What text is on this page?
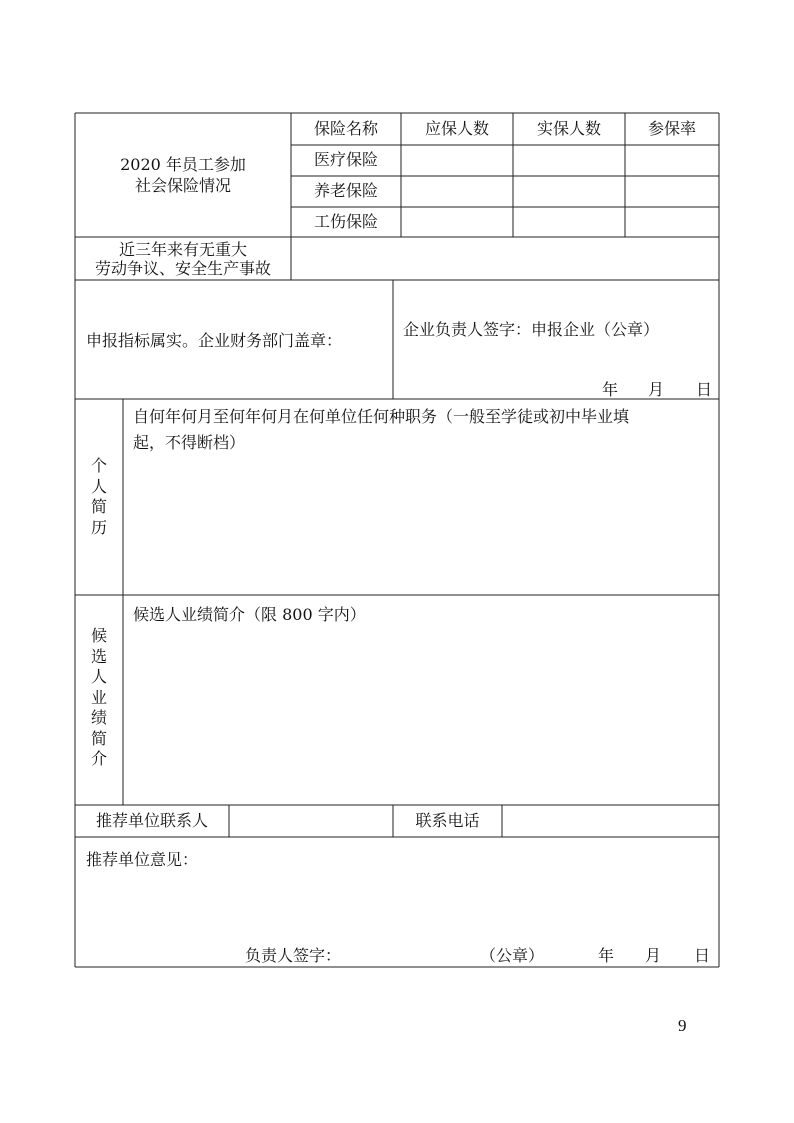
2020 年员工参加
社会保险情况
保险名称	应保人数	实保人数	参保率
医疗保险
养老保险
工伤保险
近三年来有无重大
劳动争议、安全生产事故
申报指标属实。企业财务部门盖章：
企业负责人签字：申报企业（公章）
年 月 日
个人简历
自何年何月至何年何月在何单位任何种职务（一般至学徒或初中毕业填
起，不得断档）
候选人业绩简介
候选人业绩简介（限 800 字内）
推荐单位联系人	联系电话
推荐单位意见：
负责人签字：	（公章）	年 月 日
9
